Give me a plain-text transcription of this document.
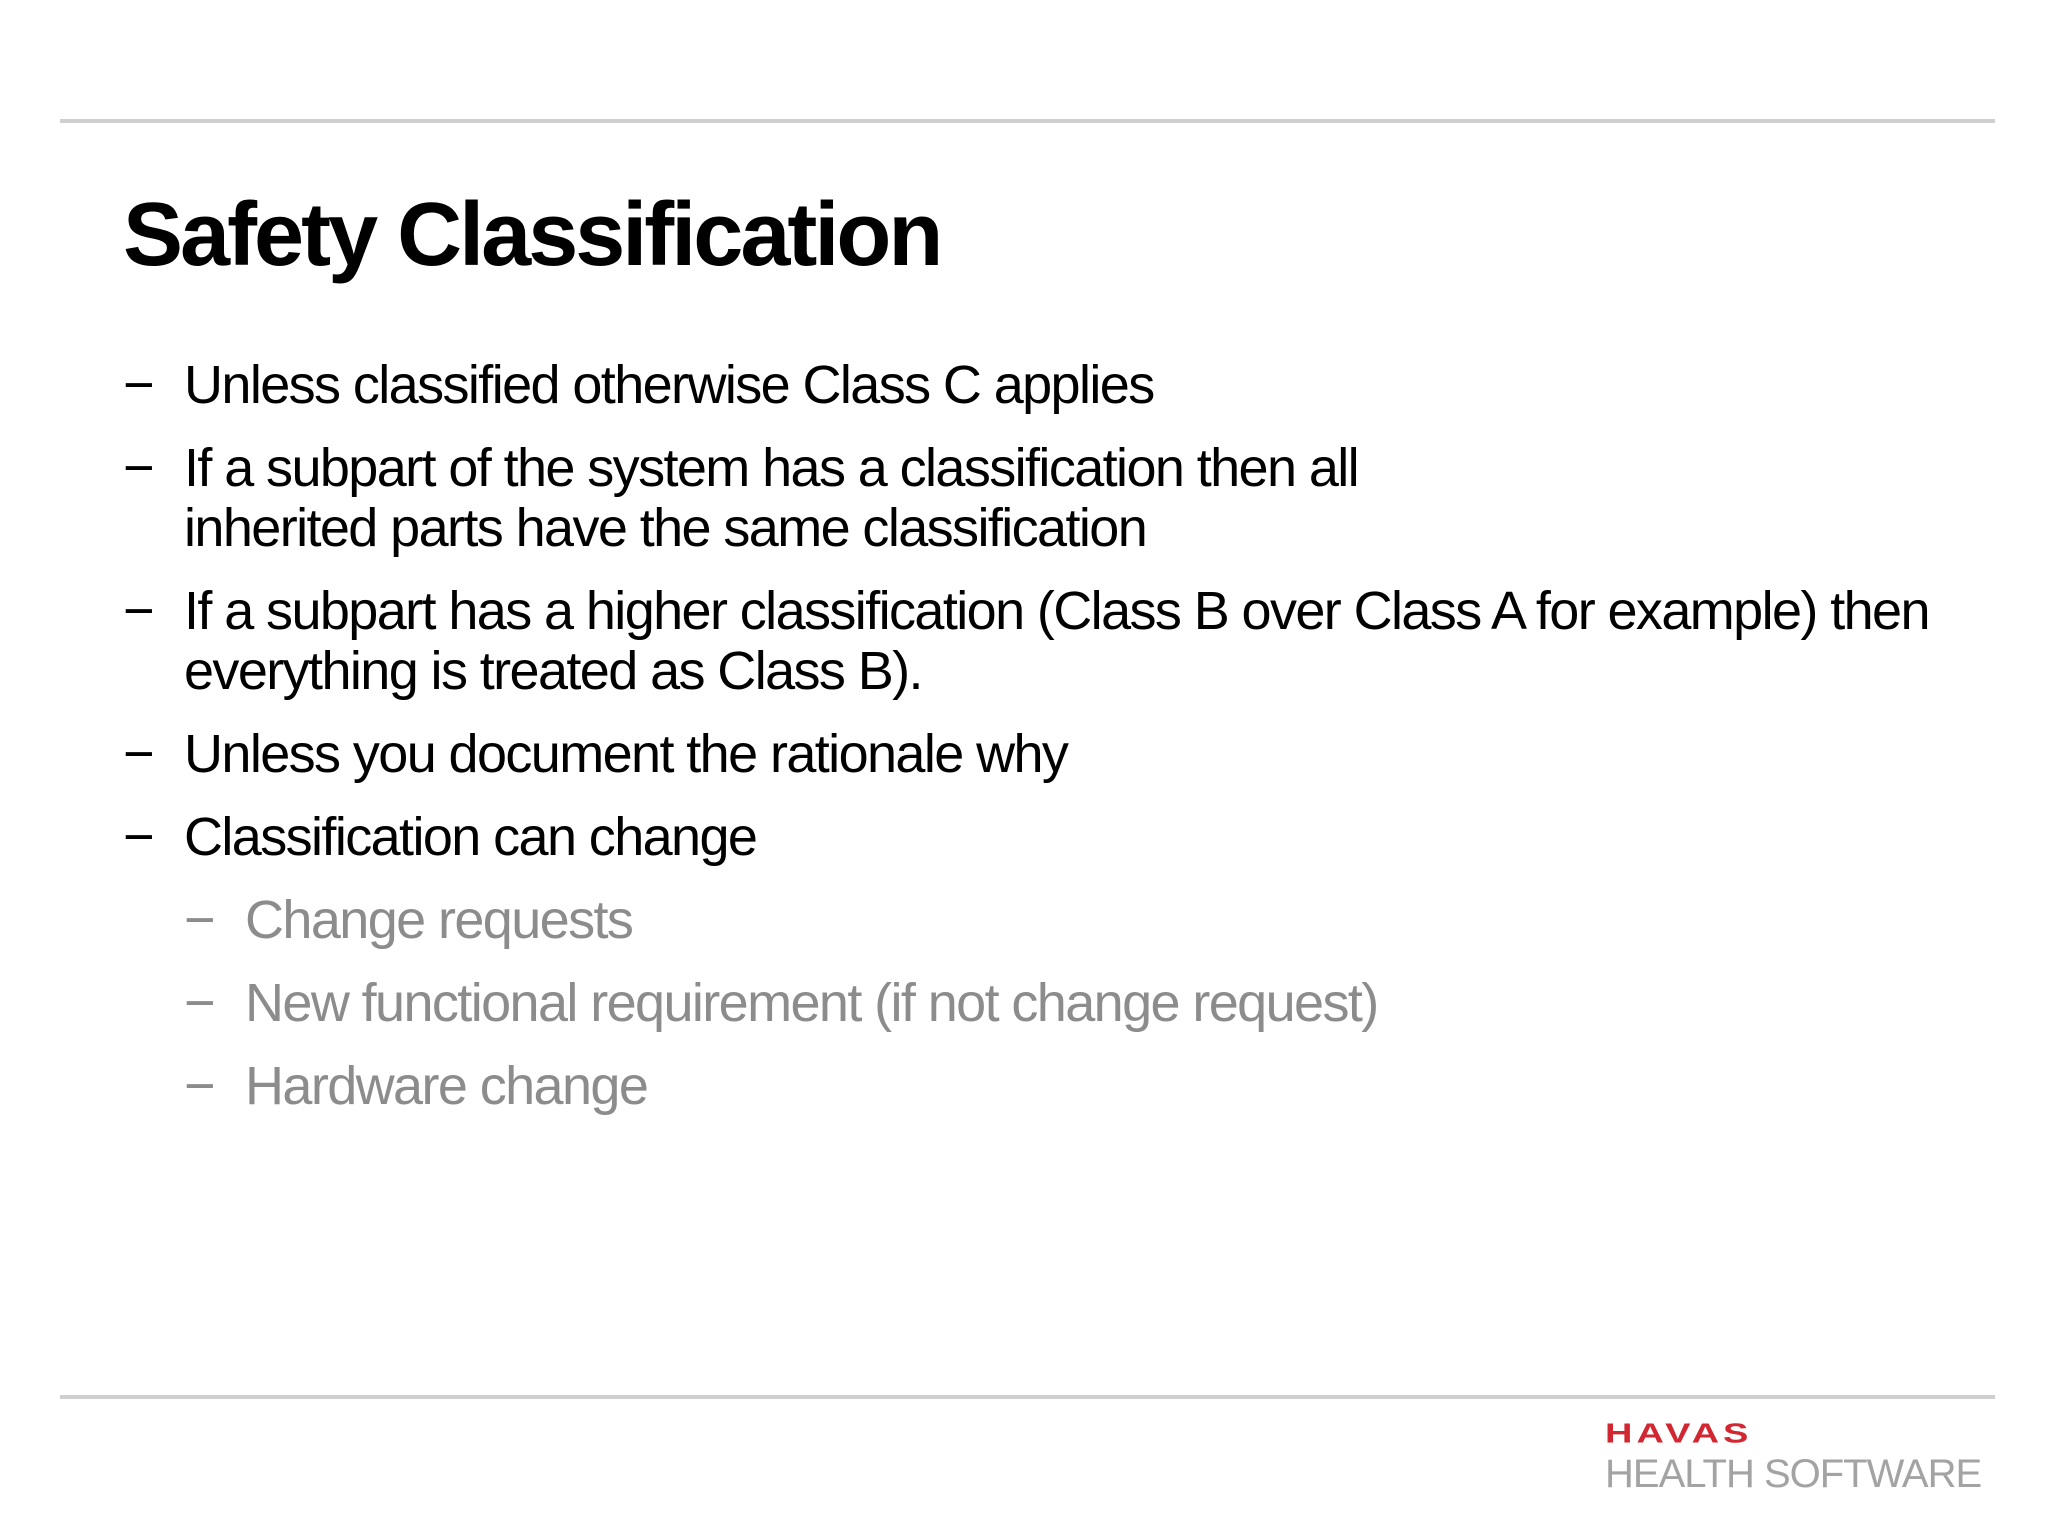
Safety Classification
− Unless classified otherwise Class C applies
− If a subpart of the system has a classification then all inherited parts have the same classification
− If a subpart has a higher classification (Class B over Class A for example) then everything is treated as Class B).
− Unless you document the rationale why
− Classification can change
− Change requests
− New functional requirement (if not change request)
− Hardware change
HAVAS
HEALTH SOFTWARE
